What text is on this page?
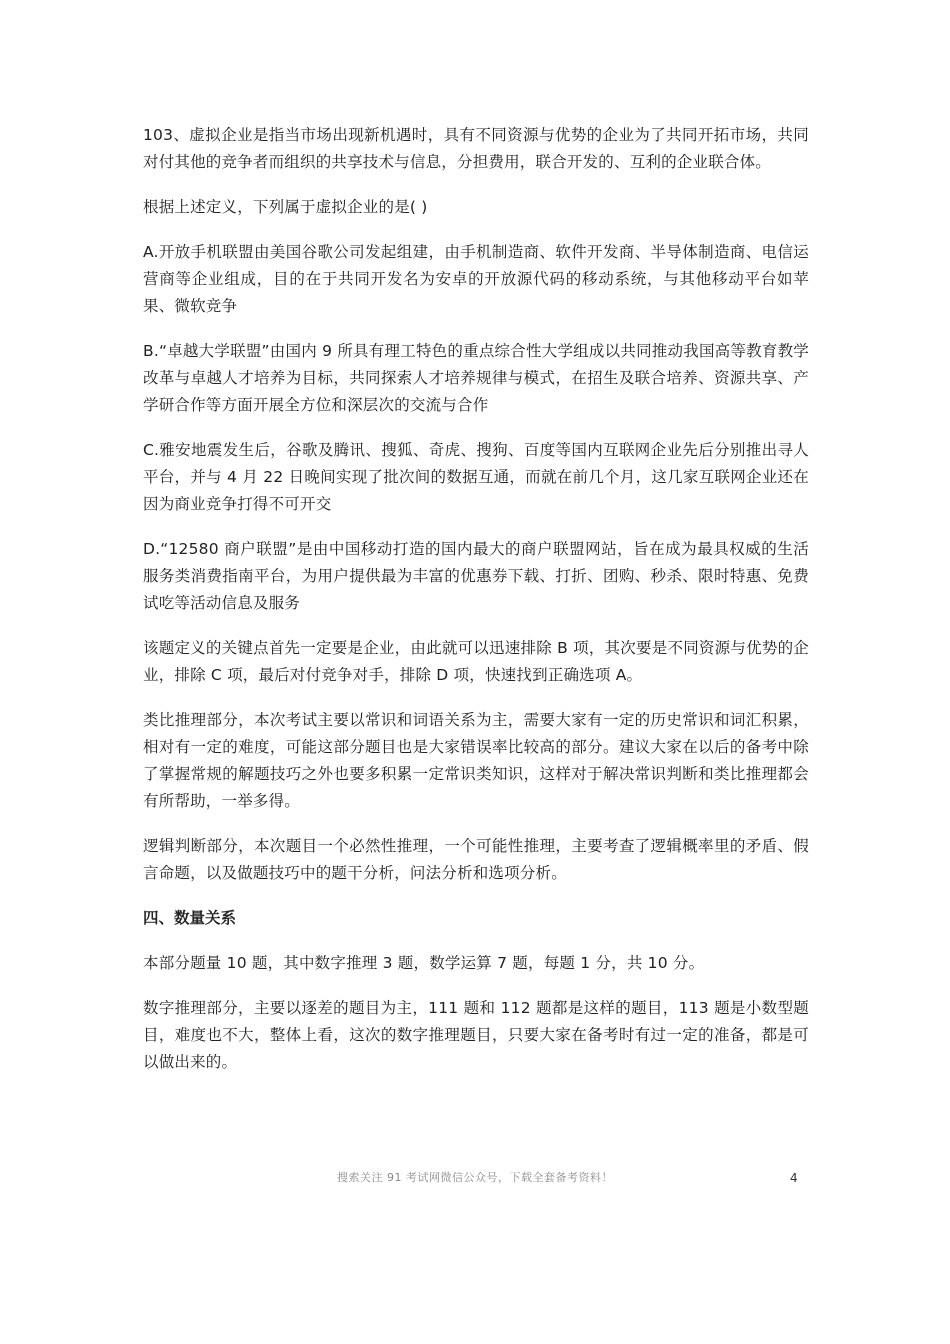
103、虚拟企业是指当市场出现新机遇时，具有不同资源与优势的企业为了共同开拓市场，共同对付其他的竞争者而组织的共享技术与信息，分担费用，联合开发的、互利的企业联合体。

根据上述定义，下列属于虚拟企业的是( )

A.开放手机联盟由美国谷歌公司发起组建，由手机制造商、软件开发商、半导体制造商、电信运营商等企业组成，目的在于共同开发名为安卓的开放源代码的移动系统，与其他移动平台如苹果、微软竞争

B.“卓越大学联盟”由国内 9 所具有理工特色的重点综合性大学组成以共同推动我国高等教育教学改革与卓越人才培养为目标，共同探索人才培养规律与模式，在招生及联合培养、资源共享、产学研合作等方面开展全方位和深层次的交流与合作

C.雅安地震发生后，谷歌及腾讯、搜狐、奇虎、搜狗、百度等国内互联网企业先后分别推出寻人平台，并与 4 月 22 日晚间实现了批次间的数据互通，而就在前几个月，这几家互联网企业还在因为商业竞争打得不可开交

D.“12580 商户联盟”是由中国移动打造的国内最大的商户联盟网站，旨在成为最具权威的生活服务类消费指南平台，为用户提供最为丰富的优惠券下载、打折、团购、秒杀、限时特惠、免费试吃等活动信息及服务

该题定义的关键点首先一定要是企业，由此就可以迅速排除 B 项，其次要是不同资源与优势的企业，排除 C 项，最后对付竞争对手，排除 D 项，快速找到正确选项 A。

类比推理部分，本次考试主要以常识和词语关系为主，需要大家有一定的历史常识和词汇积累，相对有一定的难度，可能这部分题目也是大家错误率比较高的部分。建议大家在以后的备考中除了掌握常规的解题技巧之外也要多积累一定常识类知识，这样对于解决常识判断和类比推理都会有所帮助，一举多得。

逻辑判断部分，本次题目一个必然性推理，一个可能性推理，主要考查了逻辑概率里的矛盾、假言命题，以及做题技巧中的题干分析，问法分析和选项分析。

四、数量关系

本部分题量 10 题，其中数字推理 3 题，数学运算 7 题，每题 1 分，共 10 分。

数字推理部分，主要以逐差的题目为主，111 题和 112 题都是这样的题目，113 题是小数型题目，难度也不大，整体上看，这次的数字推理题目，只要大家在备考时有过一定的准备，都是可以做出来的。

搜索关注 91 考试网微信公众号，下载全套备考资料！	4
